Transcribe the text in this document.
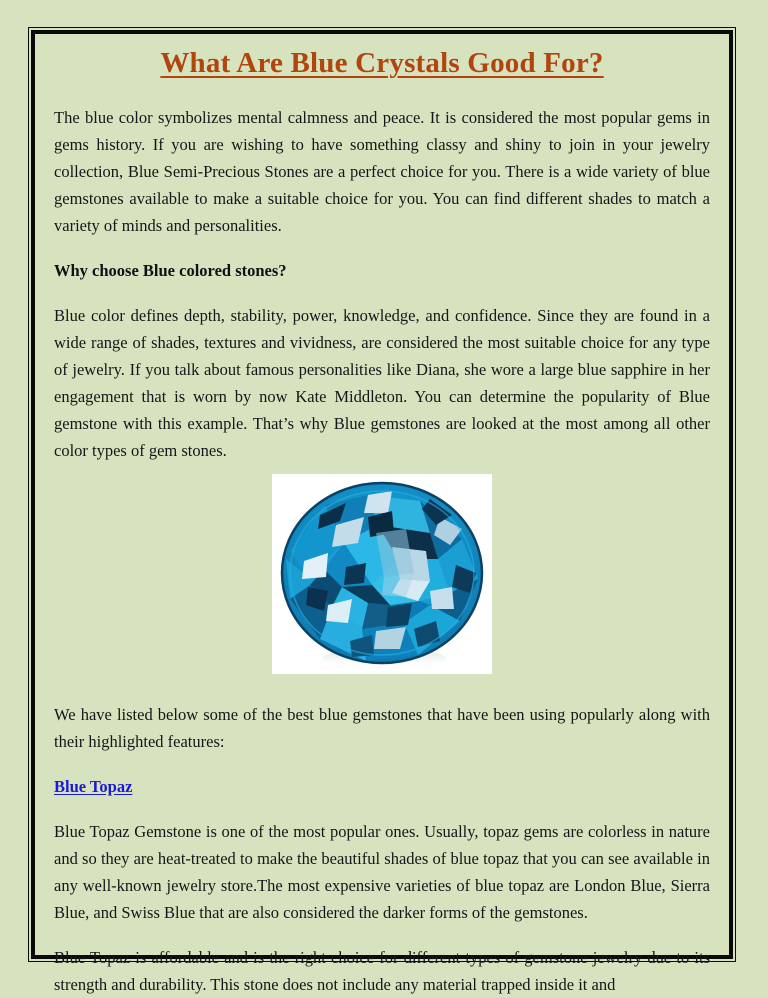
What Are Blue Crystals Good For?

The blue color symbolizes mental calmness and peace. It is considered the most popular gems in gems history. If you are wishing to have something classy and shiny to join in your jewelry collection, Blue Semi-Precious Stones are a perfect choice for you. There is a wide variety of blue gemstones available to make a suitable choice for you. You can find different shades to match a variety of minds and personalities.

Why choose Blue colored stones?

Blue color defines depth, stability, power, knowledge, and confidence. Since they are found in a wide range of shades, textures and vividness, are considered the most suitable choice for any type of jewelry. If you talk about famous personalities like Diana, she wore a large blue sapphire in her engagement that is worn by now Kate Middleton. You can determine the popularity of Blue gemstone with this example. That’s why Blue gemstones are looked at the most among all other color types of gem stones.

We have listed below some of the best blue gemstones that have been using popularly along with their highlighted features:

Blue Topaz

Blue Topaz Gemstone is one of the most popular ones. Usually, topaz gems are colorless in nature and so they are heat-treated to make the beautiful shades of blue topaz that you can see available in any well-known jewelry store.The most expensive varieties of blue topaz are London Blue, Sierra Blue, and Swiss Blue that are also considered the darker forms of the gemstones.

Blue Topaz is affordable and is the right choice for different types of gemstone jewelry due to its strength and durability. This stone does not include any material trapped inside it and
